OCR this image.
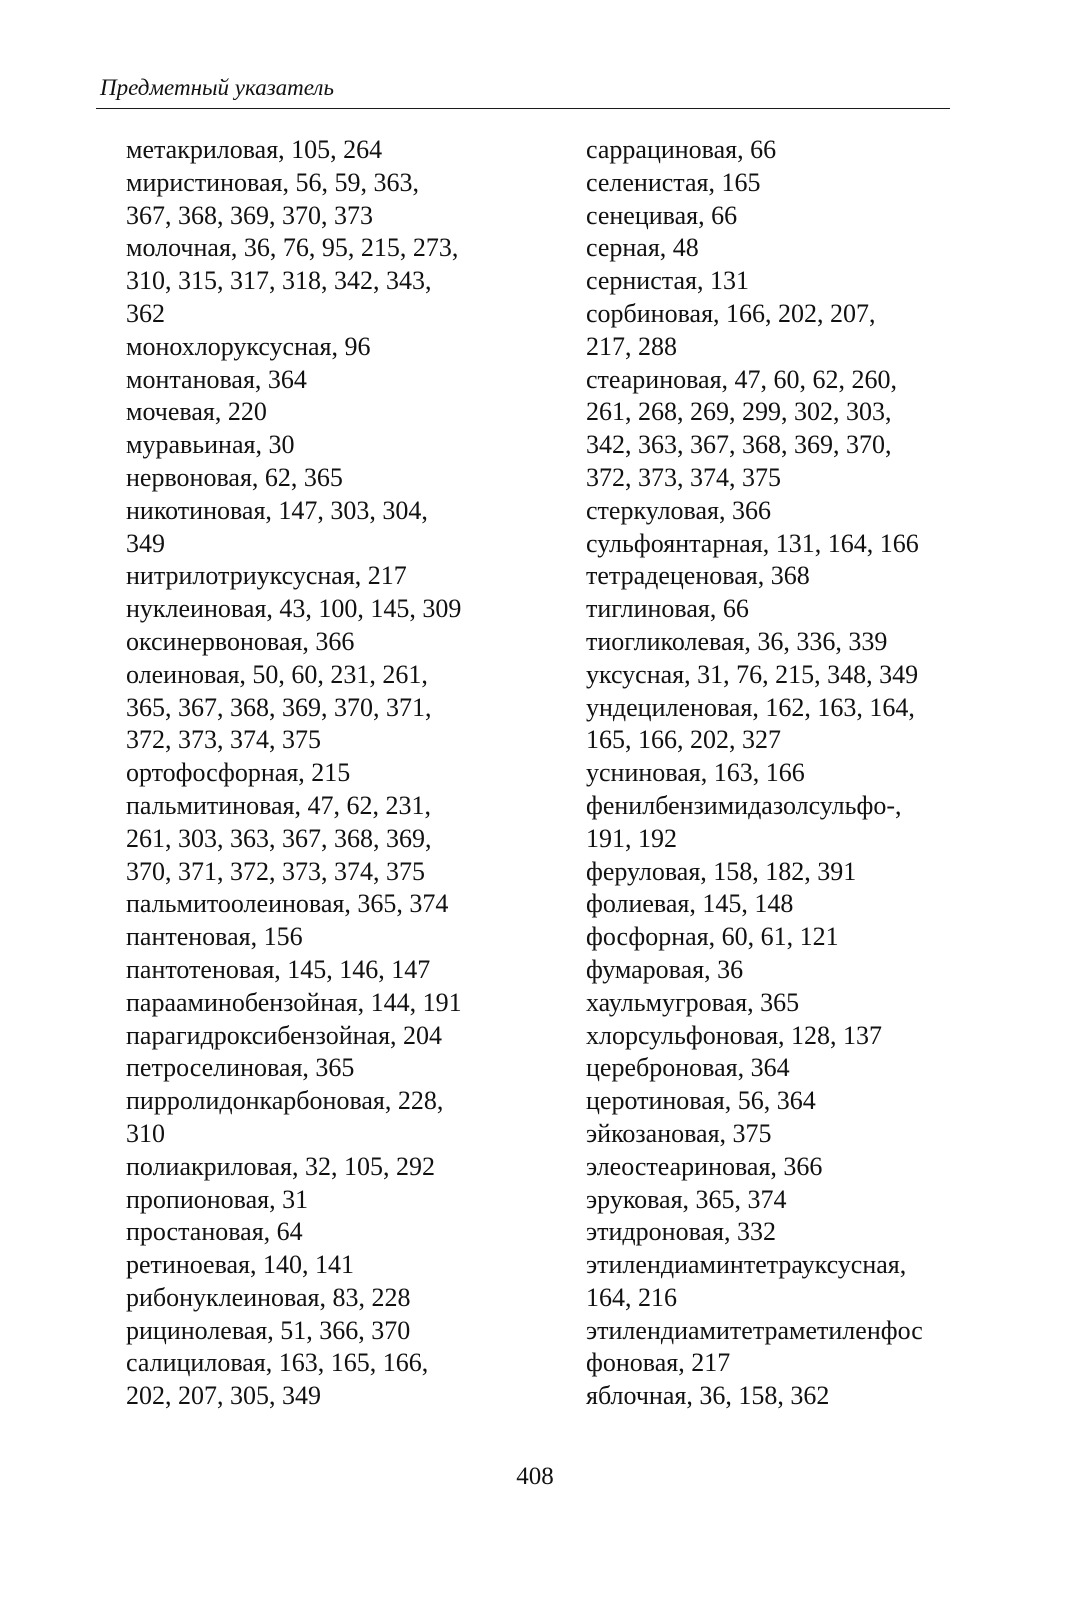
Предметный указатель
метакриловая, 105, 264
миристиновая, 56, 59, 363,
367, 368, 369, 370, 373
молочная, 36, 76, 95, 215, 273,
310, 315, 317, 318, 342, 343,
362
монохлоруксусная, 96
монтановая, 364
мочевая, 220
муравьиная, 30
нервоновая, 62, 365
никотиновая, 147, 303, 304,
349
нитрилотриуксусная, 217
нуклеиновая, 43, 100, 145, 309
оксинервоновая, 366
олеиновая, 50, 60, 231, 261,
365, 367, 368, 369, 370, 371,
372, 373, 374, 375
ортофосфорная, 215
пальмитиновая, 47, 62, 231,
261, 303, 363, 367, 368, 369,
370, 371, 372, 373, 374, 375
пальмитоолеиновая, 365, 374
пантеновая, 156
пантотеновая, 145, 146, 147
парааминобензойная, 144, 191
парагидроксибензойная, 204
петроселиновая, 365
пирролидонкарбоновая, 228,
310
полиакриловая, 32, 105, 292
пропионовая, 31
простановая, 64
ретиноевая, 140, 141
рибонуклеиновая, 83, 228
рицинолевая, 51, 366, 370
салициловая, 163, 165, 166,
202, 207, 305, 349
саррациновая, 66
селенистая, 165
сенецивая, 66
серная, 48
сернистая, 131
сорбиновая, 166, 202, 207,
217, 288
стеариновая, 47, 60, 62, 260,
261, 268, 269, 299, 302, 303,
342, 363, 367, 368, 369, 370,
372, 373, 374, 375
стеркуловая, 366
сульфоянтарная, 131, 164, 166
тетрадеценовая, 368
тиглиновая, 66
тиогликолевая, 36, 336, 339
уксусная, 31, 76, 215, 348, 349
ундециленовая, 162, 163, 164,
165, 166, 202, 327
усниновая, 163, 166
фенилбензимидазолсульфо-,
191, 192
феруловая, 158, 182, 391
фолиевая, 145, 148
фосфорная, 60, 61, 121
фумаровая, 36
хаульмугровая, 365
хлорсульфоновая, 128, 137
цереброновая, 364
церотиновая, 56, 364
эйкозановая, 375
элеостеариновая, 366
эруковая, 365, 374
этидроновая, 332
этилендиаминтетрауксусная,
164, 216
этилендиамитетраметиленфос
фоновая, 217
яблочная, 36, 158, 362
408
